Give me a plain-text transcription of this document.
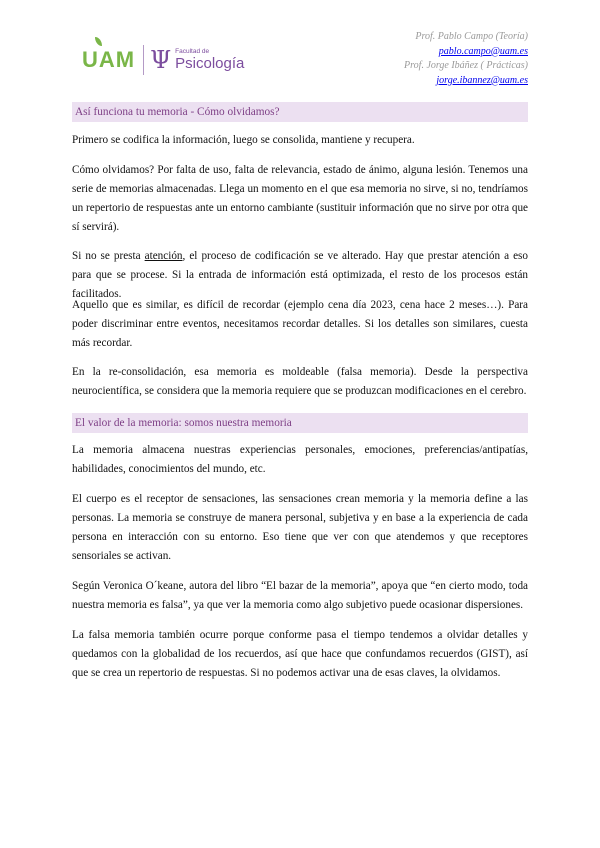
UAM Ψ Facultad de
Psicología
Prof. Pablo Campo (Teoría)
pablo.campo@uam.es
Prof. Jorge Ibáñez ( Prácticas)
jorge.ibannez@uam.es
Así funciona tu memoria - Cómo olvidamos?

Primero se codifica la información, luego se consolida, mantiene y recupera.

Cómo olvidamos? Por falta de uso, falta de relevancia, estado de ánimo, alguna lesión. Tenemos una serie de memorias almacenadas. Llega un momento en el que esa memoria no sirve, si no, tendríamos un repertorio de respuestas ante un entorno cambiante (sustituir información que no sirve por otra que sí servirá).

Si no se presta atención, el proceso de codificación se ve alterado. Hay que prestar atención a eso para que se procese. Si la entrada de información está optimizada, el resto de los procesos están facilitados.

Aquello que es similar, es difícil de recordar (ejemplo cena día 2023, cena hace 2 meses…). Para poder discriminar entre eventos, necesitamos recordar detalles. Si los detalles son similares, cuesta más recordar.

En la re-consolidación, esa memoria es moldeable (falsa memoria). Desde la perspectiva neurocientífica, se considera que la memoria requiere que se produzcan modificaciones en el cerebro.

El valor de la memoria: somos nuestra memoria

La memoria almacena nuestras experiencias personales, emociones, preferencias/antipatías, habilidades, conocimientos del mundo, etc.

El cuerpo es el receptor de sensaciones, las sensaciones crean memoria y la memoria define a las personas. La memoria se construye de manera personal, subjetiva y en base a la experiencia de cada persona en interacción con su entorno. Eso tiene que ver con que atendemos y que receptores sensoriales se activan.

Según Veronica O´keane, autora del libro “El bazar de la memoria”, apoya que “en cierto modo, toda nuestra memoria es falsa”, ya que ver la memoria como algo subjetivo puede ocasionar dispersiones.

La falsa memoria también ocurre porque conforme pasa el tiempo tendemos a olvidar detalles y quedamos con la globalidad de los recuerdos, así que hace que confundamos recuerdos (GIST), así que se crea un repertorio de respuestas. Si no podemos activar una de esas claves, la olvidamos.
